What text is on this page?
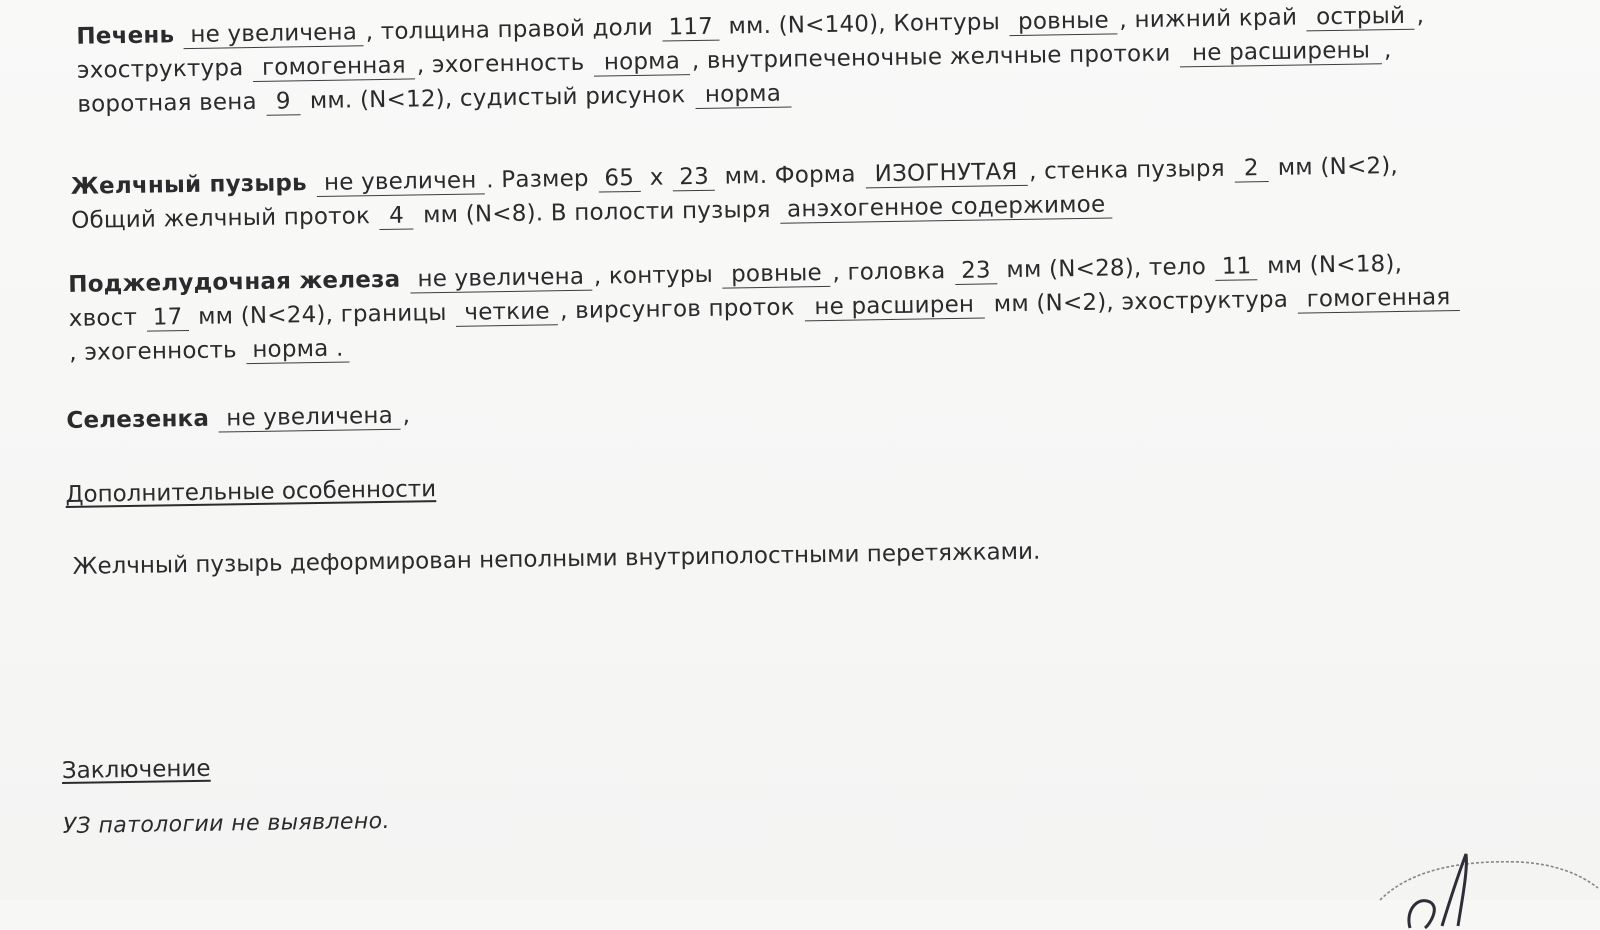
Печень не увеличена , толщина правой доли 117 мм. (N<140), Контуры ровные , нижний край острый ,
эхоструктура гомогенная , эхогенность норма , внутрипеченочные желчные протоки не расширены ,
воротная вена 9 мм. (N<12), судистый рисунок норма
Желчный пузырь не увеличен . Размер 65 х 23 мм. Форма ИЗОГНУТАЯ , стенка пузыря 2 мм (N<2),
Общий желчный проток 4 мм (N<8). В полости пузыря анэхогенное содержимое
Поджелудочная железа не увеличена , контуры ровные , головка 23 мм (N<28), тело 11 мм (N<18),
хвост 17 мм (N<24), границы четкие , вирсунгов проток не расширен мм (N<2), эхоструктура гомогенная
, эхогенность норма .
Селезенка не увеличена ,
Дополнительные особенности
Желчный пузырь деформирован неполными внутриполостными перетяжками.
Заключение
УЗ патологии не выявлено.
